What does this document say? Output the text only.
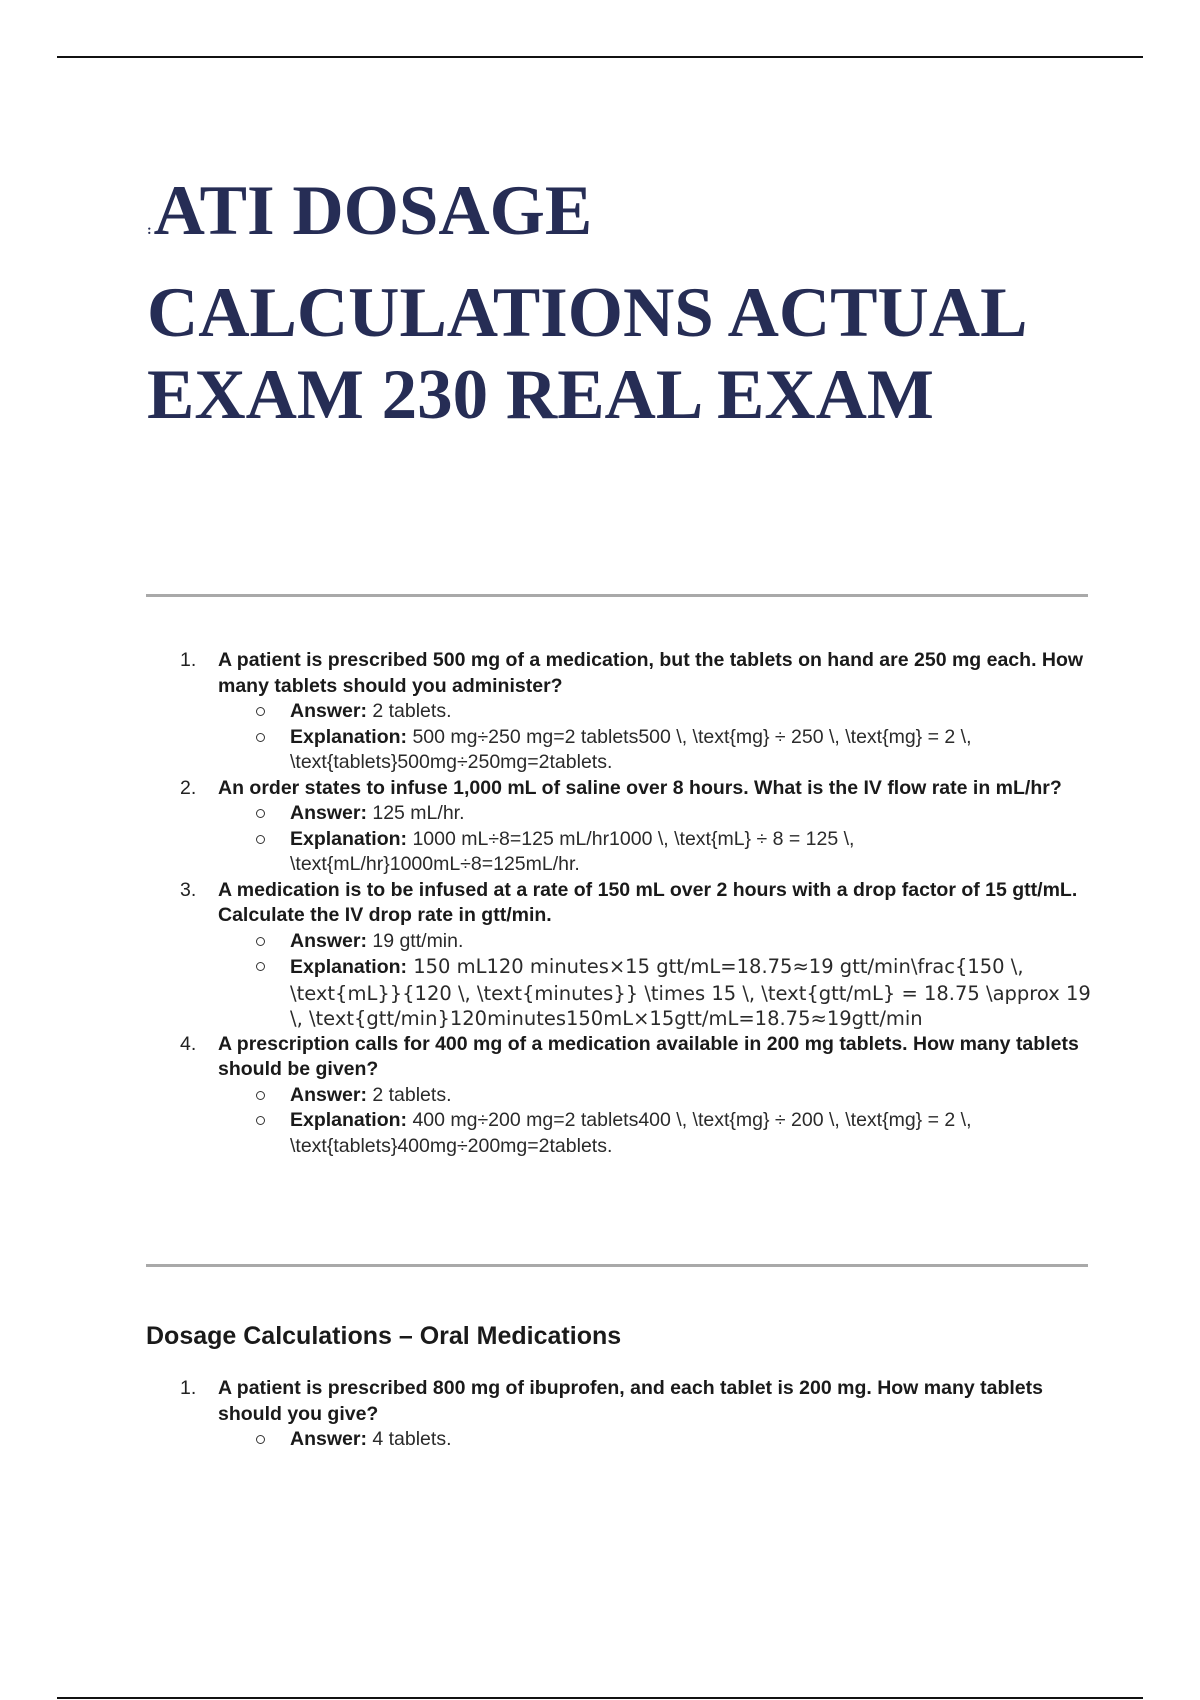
:ATI DOSAGE CALCULATIONS ACTUAL EXAM 230 REAL EXAM
1.	A patient is prescribed 500 mg of a medication, but the tablets on hand are 250 mg each. How many tablets should you administer?
Answer: 2 tablets.
Explanation: 500 mg÷250 mg=2 tablets500 \, \text{mg} ÷ 250 \, \text{mg} = 2 \, \text{tablets}500mg÷250mg=2tablets.
2.	An order states to infuse 1,000 mL of saline over 8 hours. What is the IV flow rate in mL/hr?
Answer: 125 mL/hr.
Explanation: 1000 mL÷8=125 mL/hr1000 \, \text{mL} ÷ 8 = 125 \, \text{mL/hr}1000mL÷8=125mL/hr.
3.	A medication is to be infused at a rate of 150 mL over 2 hours with a drop factor of 15 gtt/mL. Calculate the IV drop rate in gtt/min.
Answer: 19 gtt/min.
Explanation: 150 mL120 minutes×15 gtt/mL=18.75≈19 gtt/min\frac{150 \, \text{mL}}{120 \, \text{minutes}} \times 15 \, \text{gtt/mL} = 18.75 \approx 19 \, \text{gtt/min}120minutes150mL×15gtt/mL=18.75≈19gtt/min
4.	A prescription calls for 400 mg of a medication available in 200 mg tablets. How many tablets should be given?
Answer: 2 tablets.
Explanation: 400 mg÷200 mg=2 tablets400 \, \text{mg} ÷ 200 \, \text{mg} = 2 \, \text{tablets}400mg÷200mg=2tablets.
Dosage Calculations – Oral Medications
1.	A patient is prescribed 800 mg of ibuprofen, and each tablet is 200 mg. How many tablets should you give?
Answer: 4 tablets.
